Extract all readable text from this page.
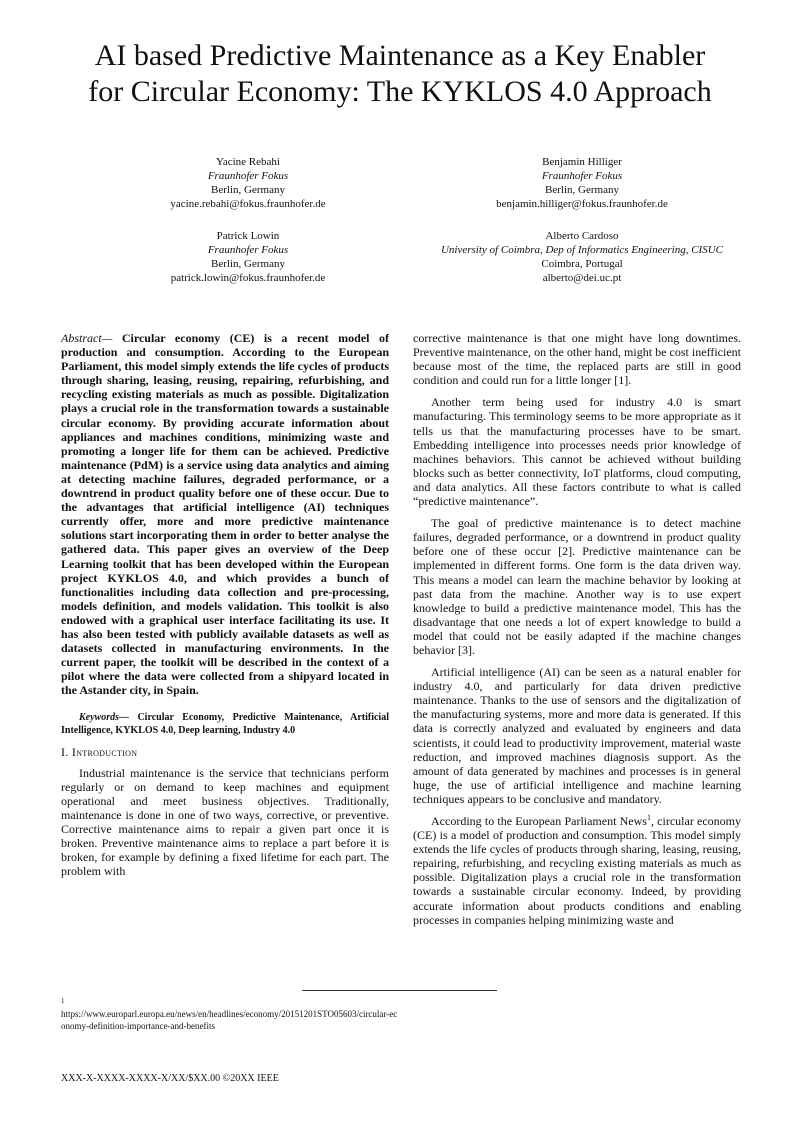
AI based Predictive Maintenance as a Key Enabler
for Circular Economy: The KYKLOS 4.0 Approach
Yacine Rebahi
Fraunhofer Fokus
Berlin, Germany
yacine.rebahi@fokus.fraunhofer.de
Benjamin Hilliger
Fraunhofer Fokus
Berlin, Germany
benjamin.hilliger@fokus.fraunhofer.de
Patrick Lowin
Fraunhofer Fokus
Berlin, Germany
patrick.lowin@fokus.fraunhofer.de
Alberto Cardoso
University of Coimbra, Dep of Informatics Engineering, CISUC
Coimbra, Portugal
alberto@dei.uc.pt

Abstract— Circular economy (CE) is a recent model of production and consumption. According to the European Parliament, this model simply extends the life cycles of products through sharing, leasing, reusing, repairing, refurbishing, and recycling existing materials as much as possible. Digitalization plays a crucial role in the transformation towards a sustainable circular economy. By providing accurate information about appliances and machines conditions, minimizing waste and promoting a longer life for them can be achieved. Predictive maintenance (PdM) is a service using data analytics and aiming at detecting machine failures, degraded performance, or a downtrend in product quality before one of these occur. Due to the advantages that artificial intelligence (AI) techniques currently offer, more and more predictive maintenance solutions start incorporating them in order to better analyse the gathered data. This paper gives an overview of the Deep Learning toolkit that has been developed within the European project KYKLOS 4.0, and which provides a bunch of functionalities including data collection and pre-processing, models definition, and models validation. This toolkit is also endowed with a graphical user interface facilitating its use. It has also been tested with publicly available datasets as well as datasets collected in manufacturing environments. In the current paper, the toolkit will be described in the context of a pilot where the data were collected from a shipyard located in the Astander city, in Spain.

Keywords— Circular Economy, Predictive Maintenance, Artificial Intelligence, KYKLOS 4.0, Deep learning, Industry 4.0

I. Introduction

Industrial maintenance is the service that technicians perform regularly or on demand to keep machines and equipment operational and meet business objectives. Traditionally, maintenance is done in one of two ways, corrective, or preventive. Corrective maintenance aims to repair a given part once it is broken. Preventive maintenance aims to replace a part before it is broken, for example by defining a fixed lifetime for each part. The problem with

corrective maintenance is that one might have long downtimes. Preventive maintenance, on the other hand, might be cost inefficient because most of the time, the replaced parts are still in good condition and could run for a little longer [1].

Another term being used for industry 4.0 is smart manufacturing. This terminology seems to be more appropriate as it tells us that the manufacturing processes have to be smart. Embedding intelligence into processes needs prior knowledge of machines behaviors. This cannot be achieved without building blocks such as better connectivity, IoT platforms, cloud computing, and data analytics. All these factors contribute to what is called “predictive maintenance”.

The goal of predictive maintenance is to detect machine failures, degraded performance, or a downtrend in product quality before one of these occur [2]. Predictive maintenance can be implemented in different forms. One form is the data driven way. This means a model can learn the machine behavior by looking at past data from the machine. Another way is to use expert knowledge to build a predictive maintenance model. This has the disadvantage that one needs a lot of expert knowledge to build a model that could not be easily adapted if the machine changes behavior [3].

Artificial intelligence (AI) can be seen as a natural enabler for industry 4.0, and particularly for data driven predictive maintenance. Thanks to the use of sensors and the digitalization of the manufacturing systems, more and more data is generated. If this data is correctly analyzed and evaluated by engineers and data scientists, it could lead to productivity improvement, material waste reduction, and improved machines diagnosis support. As the amount of data generated by machines and processes is in general huge, the use of artificial intelligence and machine learning techniques appears to be conclusive and mandatory.

According to the European Parliament News$^1$, circular economy (CE) is a model of production and consumption. This model simply extends the life cycles of products through sharing, leasing, reusing, repairing, refurbishing, and recycling existing materials as much as possible. Digitalization plays a crucial role in the transformation towards a sustainable circular economy. Indeed, by providing accurate information about products conditions and enabling processes in companies helping minimizing waste and

1
https://www.europarl.europa.eu/news/en/headlines/economy/20151201STO05603/circular-economy-definition-importance-and-benefits
XXX-X-XXXX-XXXX-X/XX/$XX.00 ©20XX IEEE
